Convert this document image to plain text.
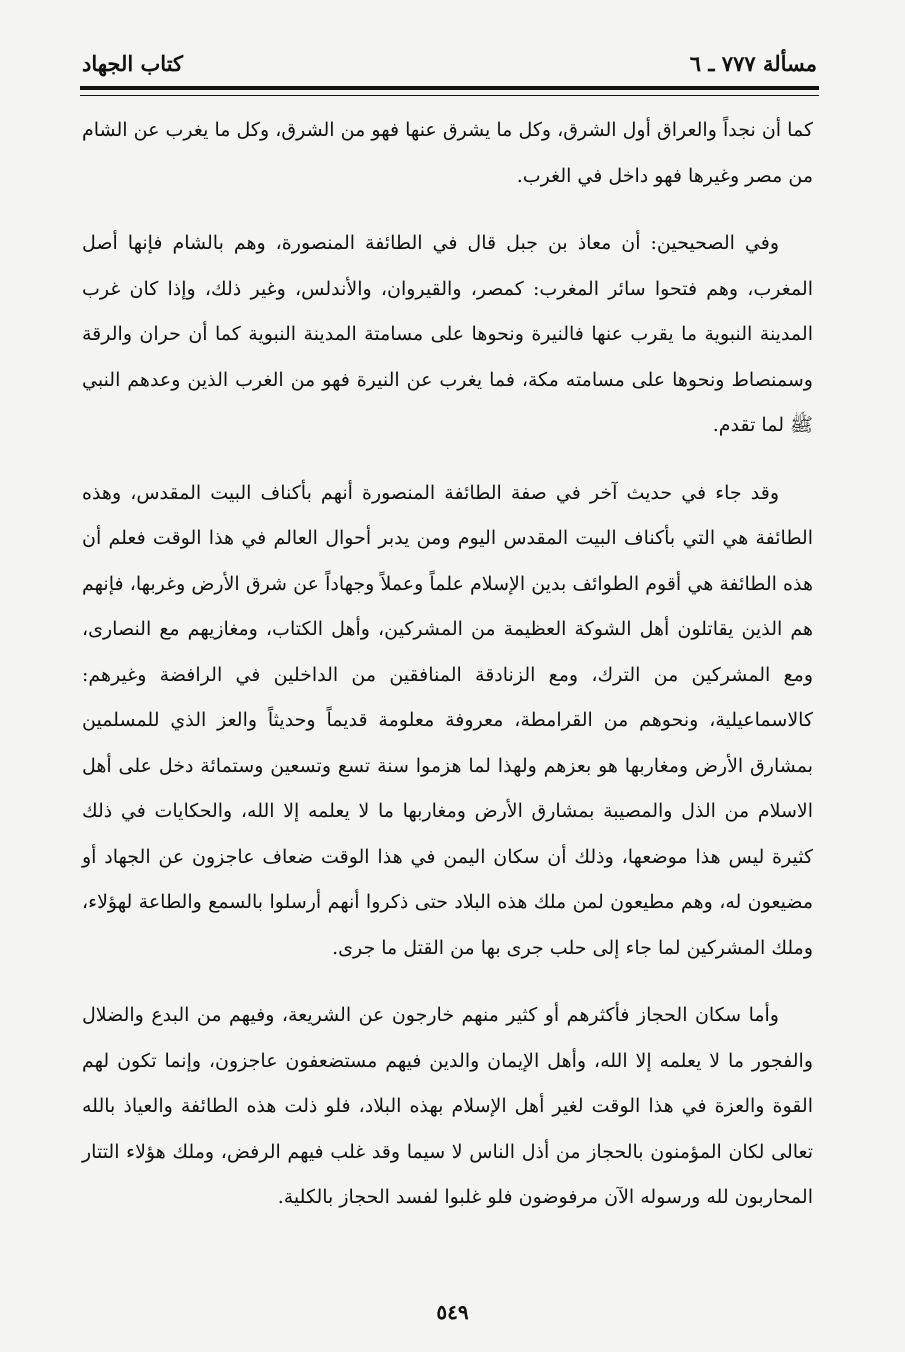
مسألة ٧٧٧ ـ ٦
كتاب الجهاد

كما أن نجداً والعراق أول الشرق، وكل ما يشرق عنها فهو من الشرق، وكل ما يغرب عن الشام من مصر وغيرها فهو داخل في الغرب.

وفي الصحيحين: أن معاذ بن جبل قال في الطائفة المنصورة، وهم بالشام فإنها أصل المغرب، وهم فتحوا سائر المغرب: كمصر، والقيروان، والأندلس، وغير ذلك، وإذا كان غرب المدينة النبوية ما يقرب عنها فالنيرة ونحوها على مسامتة المدينة النبوية كما أن حران والرقة وسمنصاط ونحوها على مسامته مكة، فما يغرب عن النيرة فهو من الغرب الذين وعدهم النبي ﷺ لما تقدم.

وقد جاء في حديث آخر في صفة الطائفة المنصورة أنهم بأكناف البيت المقدس، وهذه الطائفة هي التي بأكناف البيت المقدس اليوم ومن يدبر أحوال العالم في هذا الوقت فعلم أن هذه الطائفة هي أقوم الطوائف بدين الإسلام علماً وعملاً وجهاداً عن شرق الأرض وغربها، فإنهم هم الذين يقاتلون أهل الشوكة العظيمة من المشركين، وأهل الكتاب، ومغازيهم مع النصارى، ومع المشركين من الترك، ومع الزنادقة المنافقين من الداخلين في الرافضة وغيرهم: كالاسماعيلية، ونحوهم من القرامطة، معروفة معلومة قديماً وحديثاً والعز الذي للمسلمين بمشارق الأرض ومغاربها هو بعزهم ولهذا لما هزموا سنة تسع وتسعين وستمائة دخل على أهل الاسلام من الذل والمصيبة بمشارق الأرض ومغاربها ما لا يعلمه إلا الله، والحكايات في ذلك كثيرة ليس هذا موضعها، وذلك أن سكان اليمن في هذا الوقت ضعاف عاجزون عن الجهاد أو مضيعون له، وهم مطيعون لمن ملك هذه البلاد حتى ذكروا أنهم أرسلوا بالسمع والطاعة لهؤلاء، وملك المشركين لما جاء إلى حلب جرى بها من القتل ما جرى.

وأما سكان الحجاز فأكثرهم أو كثير منهم خارجون عن الشريعة، وفيهم من البدع والضلال والفجور ما لا يعلمه إلا الله، وأهل الإيمان والدين فيهم مستضعفون عاجزون، وإنما تكون لهم القوة والعزة في هذا الوقت لغير أهل الإسلام بهذه البلاد، فلو ذلت هذه الطائفة والعياذ بالله تعالى لكان المؤمنون بالحجاز من أذل الناس لا سيما وقد غلب فيهم الرفض، وملك هؤلاء التتار المحاربون لله ورسوله الآن مرفوضون فلو غلبوا لفسد الحجاز بالكلية.

٥٤٩
